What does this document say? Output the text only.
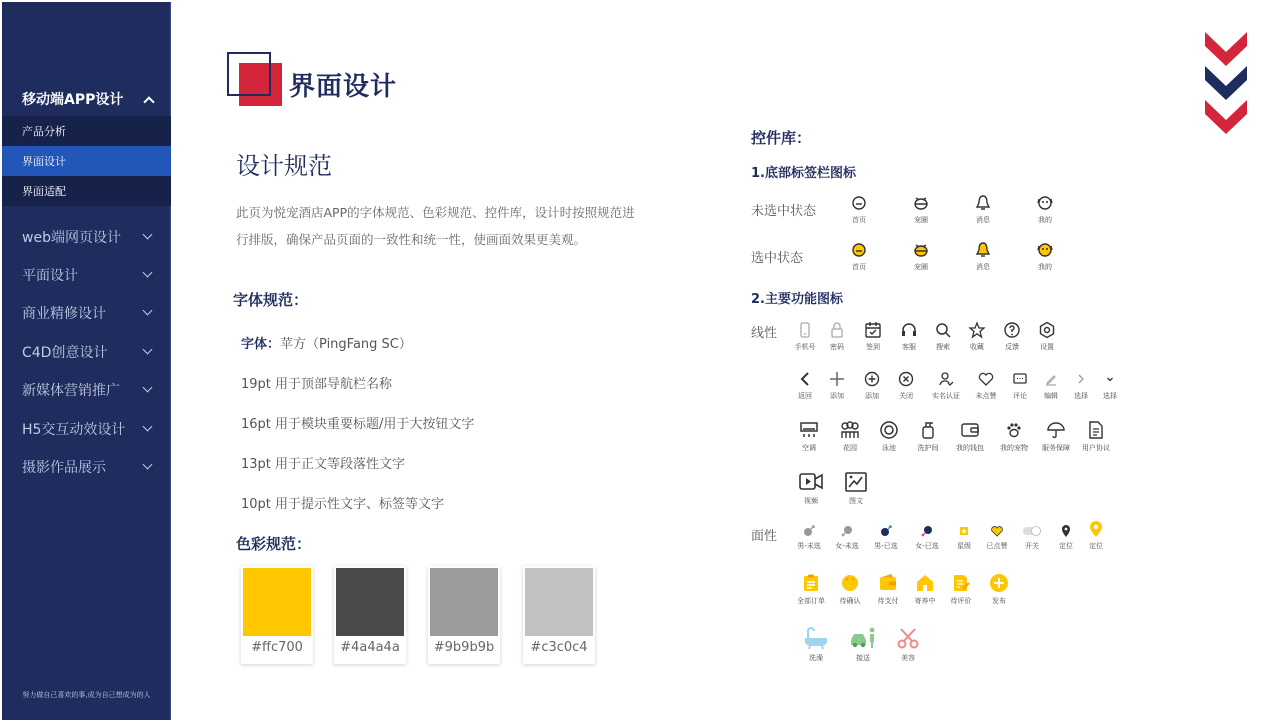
移动端APP设计
产品分析
界面设计
界面适配
web端网页设计
平面设计
商业精修设计
C4D创意设计
新媒体营销推广
H5交互动效设计
摄影作品展示
努力做自己喜欢的事,成为自己想成为的人
界面设计
设计规范
此页为悦宠酒店APP的字体规范、色彩规范、控件库，设计时按照规范进行排版，确保产品页面的一致性和统一性，使画面效果更美观。
字体规范：
字体：苹方（PingFang SC）
19pt 用于顶部导航栏名称
16pt 用于模块重要标题/用于大按钮文字
13pt 用于正文等段落性文字
10pt 用于提示性文字、标签等文字
色彩规范：
#ffc700	#4a4a4a	#9b9b9b	#c3c0c4
控件库：
1.底部标签栏图标
未选中状态
选中状态
首页	宠圈	消息	我的
首页	宠圈	消息	我的
2.主要功能图标
线性
手机号	密码	签到	客服	搜索	收藏	反馈	设置
返回	添加	添加	关闭	实名认证	未点赞	评论	编辑	选择	选择
空调	花园	泳池	洗护间	我的钱包	我的宠物	服务保障	用户协议
视频	图文
面性
男-未选	女-未选	男-已选	女-已选	星级	已点赞	开关	定位	定位
全部订单	待确认	待支付	寄养中	待评价	发布
洗澡	接送	美容
